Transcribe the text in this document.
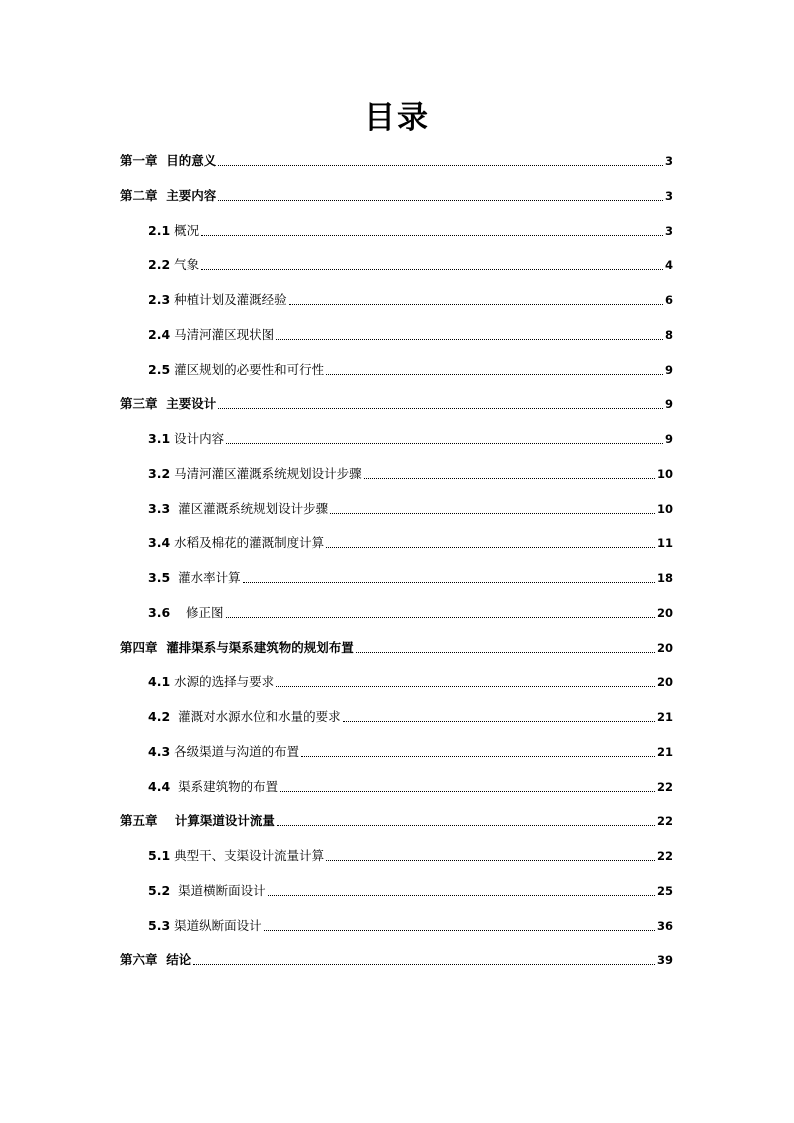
目录
第一章  目的意义	3
第二章  主要内容	3
2.1 概况	3
2.2 气象	4
2.3 种植计划及灌溉经验	6
2.4 马清河灌区现状图	8
2.5 灌区规划的必要性和可行性	9
第三章  主要设计	9
3.1 设计内容	9
3.2 马清河灌区灌溉系统规划设计步骤	10
3.3  灌区灌溉系统规划设计步骤	10
3.4 水稻及棉花的灌溉制度计算	11
3.5  灌水率计算	18
3.6    修正图	20
第四章  灌排渠系与渠系建筑物的规划布置	20
4.1 水源的选择与要求	20
4.2  灌溉对水源水位和水量的要求	21
4.3 各级渠道与沟道的布置	21
4.4  渠系建筑物的布置	22
第五章    计算渠道设计流量	22
5.1 典型干、支渠设计流量计算	22
5.2  渠道横断面设计	25
5.3 渠道纵断面设计	36
第六章  结论	39
